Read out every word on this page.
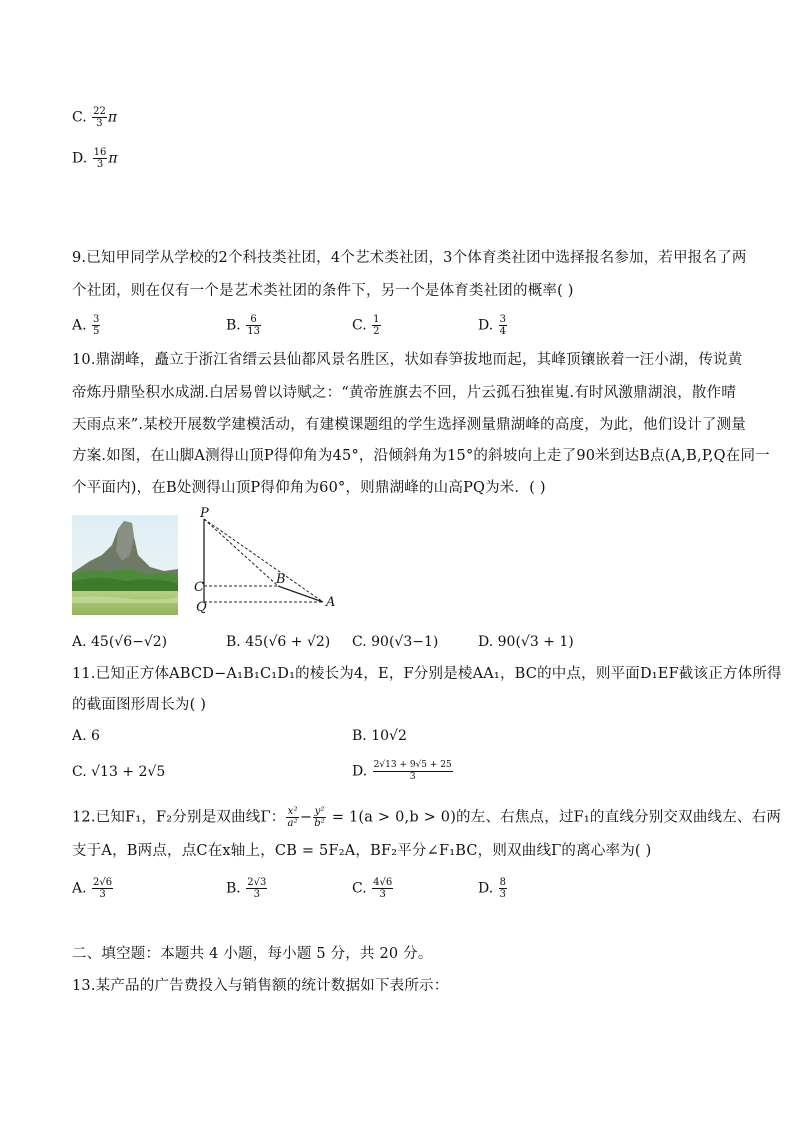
C. $\frac{22}{3}$ π
D. $\frac{16}{3}$ π
9.已知甲同学从学校的2个科技类社团，4个艺术类社团，3个体育类社团中选择报名参加，若甲报名了两
个社团，则在仅有一个是艺术类社团的条件下，另一个是体育类社团的概率( )
A. $\frac{3}{5}$	B. $\frac{6}{13}$	C. $\frac{1}{2}$	D. $\frac{3}{4}$
10.鼎湖峰，矗立于浙江省缙云县仙都风景名胜区，状如春笋拔地而起，其峰顶镶嵌着一汪小湖，传说黄
帝炼丹鼎坠积水成湖.白居易曾以诗赋之：“黄帝旌旗去不回，片云孤石独崔嵬.有时风激鼎湖浪，散作晴
天雨点来”.某校开展数学建模活动，有建模课题组的学生选择测量鼎湖峰的高度，为此，他们设计了测量
方案.如图，在山脚A测得山顶P得仰角为45°，沿倾斜角为15°的斜坡向上走了90米到达B点(A,B,P,Q在同一
个平面内)，在B处测得山顶P得仰角为60°，则鼎湖峰的山高PQ为米．( )
P
B
C
Q	A
A. 45(√6−√2)	B. 45(√6 + √2) C. 90(√3−1)	D. 90(√3 + 1)
11.已知正方体ABCD−A₁B₁C₁D₁的棱长为4，E，F分别是棱AA₁，BC的中点，则平面D₁EF截该正方体所得
的截面图形周长为( )
A. 6	B. 10√2
C. √13 + 2√5	D. $\frac{2√13 + 9√5 + 25}{3}$
12.已知F₁，F₂分别是双曲线Γ： $\frac{\text{x²}}{\text{a²}} - \frac{\text{y²}}{\text{b²}} = 1(a > 0,b > 0)$的左、右焦点，过F₁的直线分别交双曲线左、右两
支于A，B两点，点C在x轴上，CB = 5F₂A，BF₂平分∠F₁BC，则双曲线Γ的离心率为( )
A. $\frac{2√6}{3}$	B. $\frac{2√3}{3}$	C. $\frac{4√6}{3}$	D. $\frac{8}{3}$
二、填空题：本题共 4 小题，每小题 5 分，共 20 分。
13.某产品的广告费投入与销售额的统计数据如下表所示：
